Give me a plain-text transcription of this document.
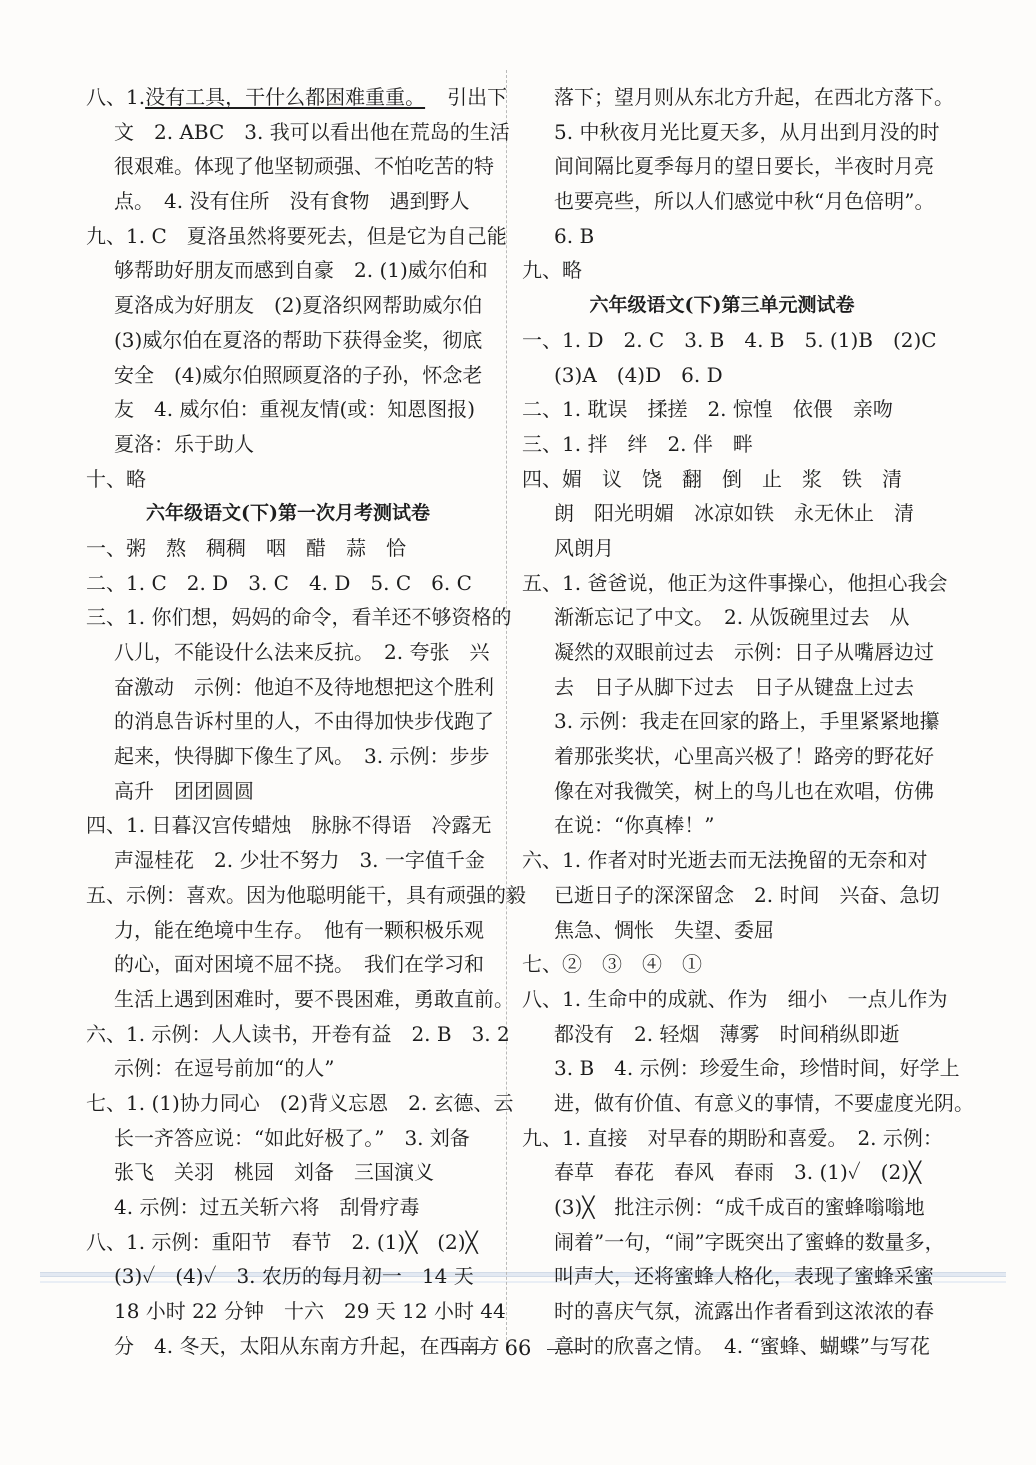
八、1.没有工具，干什么都困难重重。 引出下
文　2. ABC　3. 我可以看出他在荒岛的生活
很艰难。体现了他坚韧顽强、不怕吃苦的特
点。　4. 没有住所　没有食物　遇到野人
九、1. C　夏洛虽然将要死去，但是它为自己能
够帮助好朋友而感到自豪　2. (1)威尔伯和
夏洛成为好朋友　(2)夏洛织网帮助威尔伯
(3)威尔伯在夏洛的帮助下获得金奖，彻底
安全　(4)威尔伯照顾夏洛的子孙，怀念老
友　4. 威尔伯：重视友情(或：知恩图报)
夏洛：乐于助人
十、略
六年级语文(下)第一次月考测试卷
一、粥　熬　稠稠　咽　醋　蒜　恰
二、1. C　2. D　3. C　4. D　5. C　6. C
三、1. 你们想，妈妈的命令，看羊还不够资格的
八儿，不能设什么法来反抗。　2. 夸张　兴
奋激动　示例：他迫不及待地想把这个胜利
的消息告诉村里的人，不由得加快步伐跑了
起来，快得脚下像生了风。　3. 示例：步步
高升　团团圆圆
四、1. 日暮汉宫传蜡烛　脉脉不得语　冷露无
声湿桂花　2. 少壮不努力　3. 一字值千金
五、示例：喜欢。因为他聪明能干，具有顽强的毅
力，能在绝境中生存。　他有一颗积极乐观
的心，面对困境不屈不挠。　我们在学习和
生活上遇到困难时，要不畏困难，勇敢直前。
六、1. 示例：人人读书，开卷有益　2. B　3. 2
示例：在逗号前加“的人”
七、1. (1)协力同心　(2)背义忘恩　2. 玄德、云
长一齐答应说：“如此好极了。”　3. 刘备
张飞　关羽　桃园　刘备　三国演义
4. 示例：过五关斩六将　刮骨疗毒
八、1. 示例：重阳节　春节　2. (1)╳　(2)╳
(3)✓　(4)✓　3. 农历的每月初一　14 天
18 小时 22 分钟　十六　29 天 12 小时 44
分　4. 冬天，太阳从东南方升起，在西南方
落下；望月则从东北方升起，在西北方落下。
5. 中秋夜月光比夏天多，从月出到月没的时
间间隔比夏季每月的望日要长，半夜时月亮
也要亮些，所以人们感觉中秋“月色倍明”。
6. B
九、略
六年级语文(下)第三单元测试卷
一、1. D　2. C　3. B　4. B　5. (1)B　(2)C
(3)A　(4)D　6. D
二、1. 耽误　揉搓　2. 惊惶　依偎　亲吻
三、1. 拌　绊　2. 伴　畔
四、媚　议　饶　翻　倒　止　浆　铁　清
朗　阳光明媚　冰凉如铁　永无休止　清
风朗月
五、1. 爸爸说，他正为这件事操心，他担心我会
渐渐忘记了中文。　2. 从饭碗里过去　从
凝然的双眼前过去　示例：日子从嘴唇边过
去　日子从脚下过去　日子从键盘上过去
3. 示例：我走在回家的路上，手里紧紧地攥
着那张奖状，心里高兴极了！路旁的野花好
像在对我微笑，树上的鸟儿也在欢唱，仿佛
在说：“你真棒！”
六、1. 作者对时光逝去而无法挽留的无奈和对
已逝日子的深深留念　2. 时间　兴奋、急切
焦急、惆怅　失望、委屈
七、②　③　④　①
八、1. 生命中的成就、作为　细小　一点儿作为
都没有　2. 轻烟　薄雾　时间稍纵即逝
3. B　4. 示例：珍爱生命，珍惜时间，好学上
进，做有价值、有意义的事情，不要虚度光阴。
九、1. 直接　对早春的期盼和喜爱。　2. 示例：
春草　春花　春风　春雨　3. (1)✓　(2)╳
(3)╳　批注示例：“成千成百的蜜蜂嗡嗡地
闹着”一句，“闹”字既突出了蜜蜂的数量多，
叫声大，还将蜜蜂人格化，表现了蜜蜂采蜜
时的喜庆气氛，流露出作者看到这浓浓的春
意时的欣喜之情。　4. “蜜蜂、蝴蝶”与写花
66
